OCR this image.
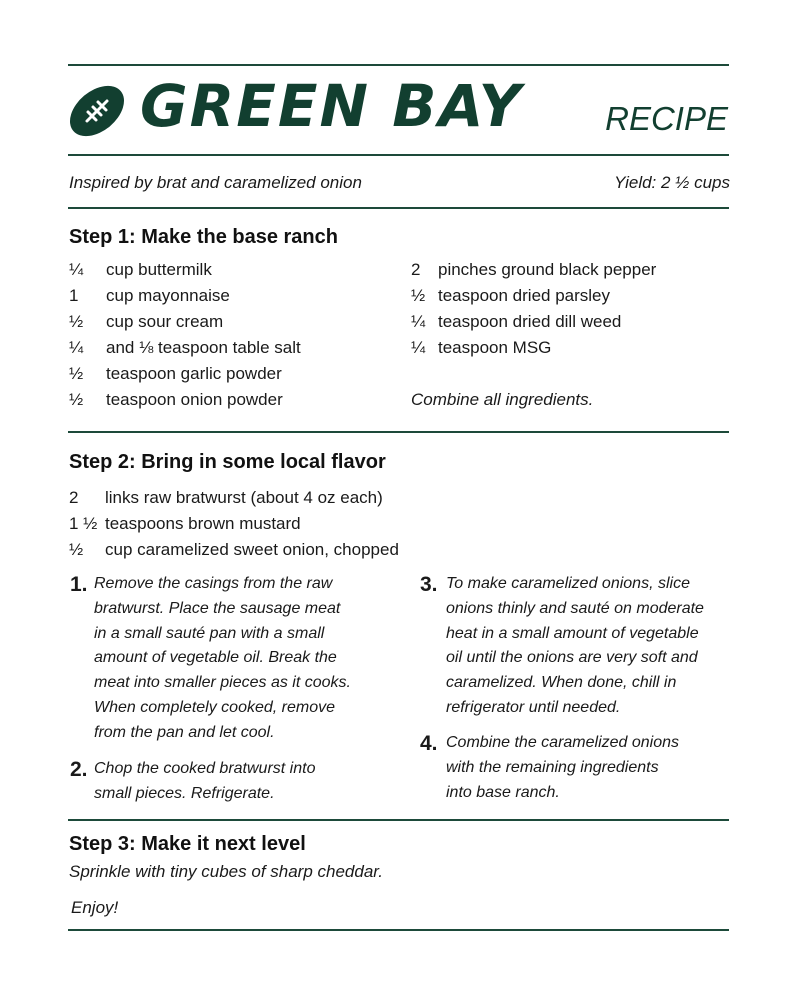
GREEN BAY RECIPE
Inspired by brat and caramelized onion	Yield: 2 ½ cups
Step 1: Make the base ranch
¼	cup buttermilk
1	cup mayonnaise
½	cup sour cream
¼	and ⅛ teaspoon table salt
½	teaspoon garlic powder
½	teaspoon onion powder
2	pinches ground black pepper
½ teaspoon dried parsley
¼ teaspoon dried dill weed
¼ teaspoon MSG
Combine all ingredients.
Step 2: Bring in some local flavor
2	links raw bratwurst (about 4 oz each)
1 ½ teaspoons brown mustard
½	cup caramelized sweet onion, chopped
1. Remove the casings from the raw
bratwurst. Place the sausage meat
in a small sauté pan with a small
amount of vegetable oil. Break the
meat into smaller pieces as it cooks.
When completely cooked, remove
from the pan and let cool.
2. Chop the cooked bratwurst into
small pieces. Refrigerate.
3. To make caramelized onions, slice
onions thinly and sauté on moderate
heat in a small amount of vegetable
oil until the onions are very soft and
caramelized. When done, chill in
refrigerator until needed.
4. Combine the caramelized onions
with the remaining ingredients
into base ranch.
Step 3: Make it next level
Sprinkle with tiny cubes of sharp cheddar.
Enjoy!
